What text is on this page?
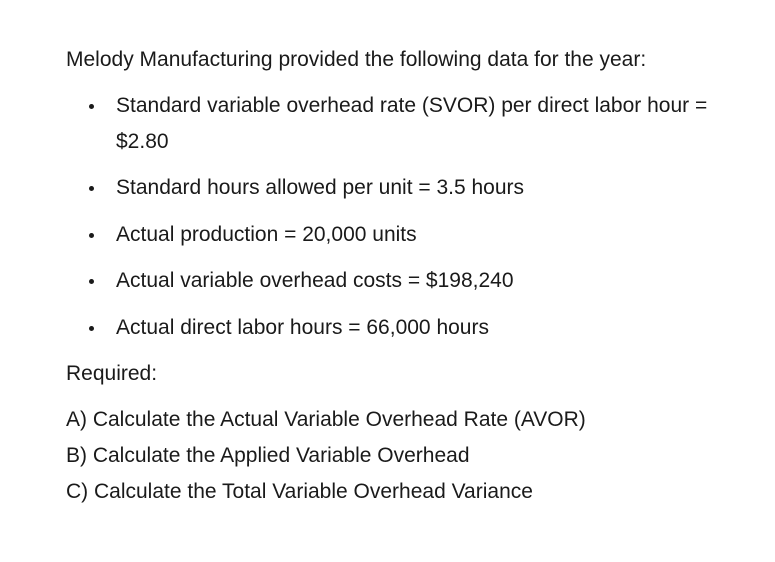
Melody Manufacturing provided the following data for the year:

Standard variable overhead rate (SVOR) per direct labor hour = $2.80

Standard hours allowed per unit = 3.5 hours

Actual production = 20,000 units

Actual variable overhead costs = $198,240

Actual direct labor hours = 66,000 hours

Required:

A) Calculate the Actual Variable Overhead Rate (AVOR)

B) Calculate the Applied Variable Overhead

C) Calculate the Total Variable Overhead Variance
